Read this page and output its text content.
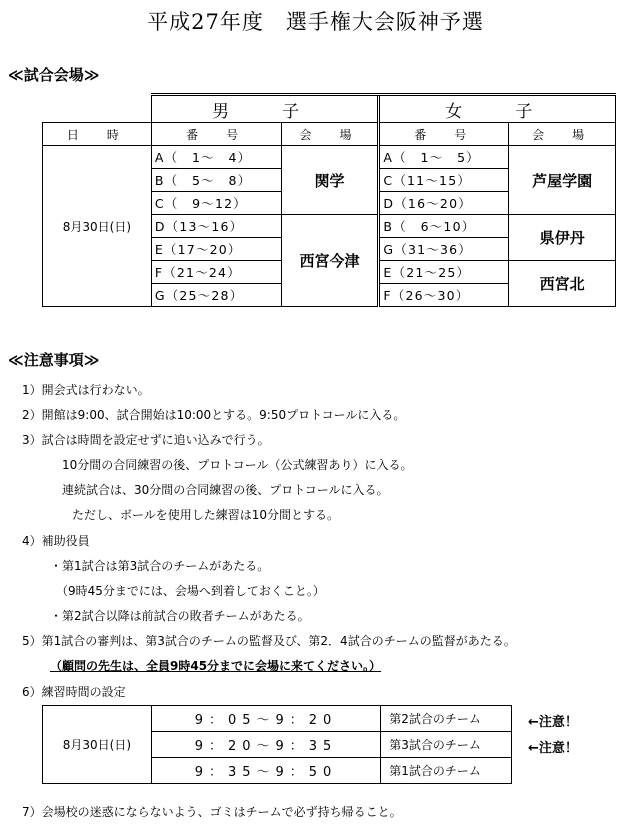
平成27年度　選手権大会阪神予選
≪試合会場≫
	男　子		女　子	
日　時	番　号	会　場	番　号	会　場
8月30日(日)	A（　1～　4）	関学	A（　1～　5）	芦屋学園
	B（　5～　8）		C（11～15）	
	C（　9～12）		D（16～20）	
	D（13～16）	西宮今津	B（　6～10）	県伊丹
	E（17～20）		G（31～36）	
	F（21～24）		E（21～25）	西宮北
	G（25～28）		F（26～30）	
≪注意事項≫
1）開会式は行わない。
2）開館は9:00、試合開始は10:00とする。9:50プロトコールに入る。
3）試合は時間を設定せずに追い込みで行う。
10分間の合同練習の後、プロトコール（公式練習あり）に入る。
連続試合は、30分間の合同練習の後、プロトコールに入る。
ただし、ボールを使用した練習は10分間とする。
4）補助役員
・第1試合は第3試合のチームがあたる。
（9時45分までには、会場へ到着しておくこと。）
・第2試合以降は前試合の敗者チームがあたる。
5）第1試合の審判は、第3試合のチームの監督及び、第2．4試合のチームの監督があたる。
（顧問の先生は、全員9時45分までに会場に来てください。）
6）練習時間の設定
8月30日(日)	9：05～9：20	第2試合のチーム
	9：20～9：35	第3試合のチーム
	9：35～9：50	第1試合のチーム
←注意！
←注意！
7）会場校の迷惑にならないよう、ゴミはチームで必ず持ち帰ること。
